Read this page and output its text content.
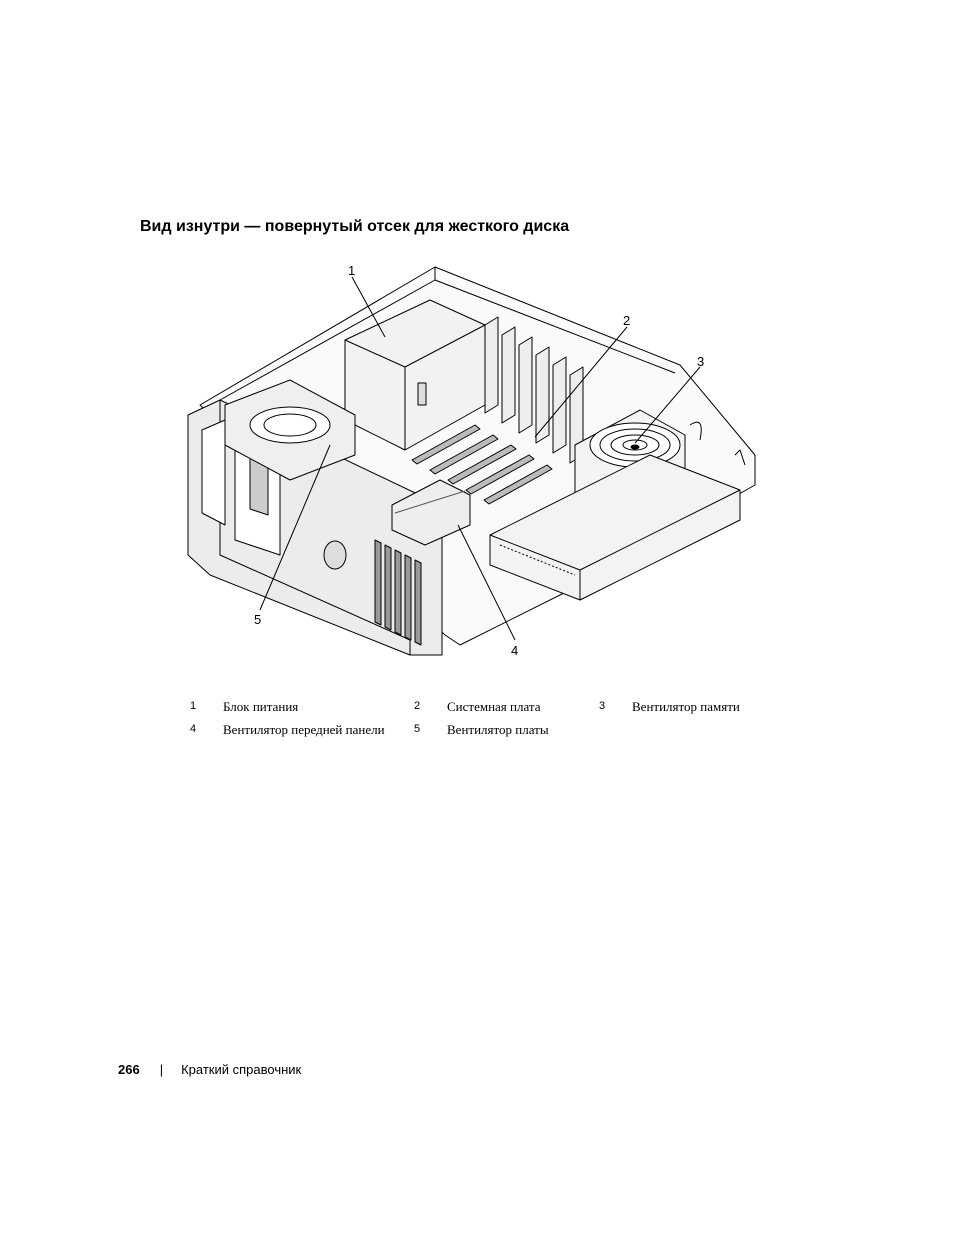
Вид изнутри — повернутый отсек для жесткого диска
1
2
3
4
5
1 Блок питания	2 Системная плата	3 Вентилятор памяти
4 Вентилятор передней панели	5 Вентилятор платы
266 | Краткий справочник
